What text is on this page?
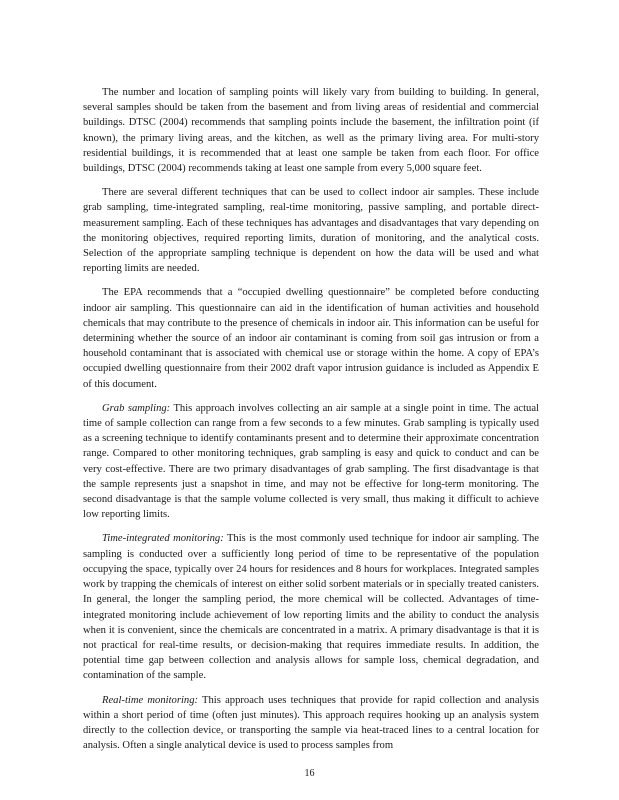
The number and location of sampling points will likely vary from building to building. In general, several samples should be taken from the basement and from living areas of residential and commercial buildings. DTSC (2004) recommends that sampling points include the basement, the infiltration point (if known), the primary living areas, and the kitchen, as well as the primary living area. For multi-story residential buildings, it is recommended that at least one sample be taken from each floor. For office buildings, DTSC (2004) recommends taking at least one sample from every 5,000 square feet.

There are several different techniques that can be used to collect indoor air samples. These include grab sampling, time-integrated sampling, real-time monitoring, passive sampling, and portable direct-measurement sampling. Each of these techniques has advantages and disadvantages that vary depending on the monitoring objectives, required reporting limits, duration of monitoring, and the analytical costs. Selection of the appropriate sampling technique is dependent on how the data will be used and what reporting limits are needed.

The EPA recommends that a “occupied dwelling questionnaire” be completed before conducting indoor air sampling. This questionnaire can aid in the identification of human activities and household chemicals that may contribute to the presence of chemicals in indoor air. This information can be useful for determining whether the source of an indoor air contaminant is coming from soil gas intrusion or from a household contaminant that is associated with chemical use or storage within the home. A copy of EPA’s occupied dwelling questionnaire from their 2002 draft vapor intrusion guidance is included as Appendix E of this document.

Grab sampling: This approach involves collecting an air sample at a single point in time. The actual time of sample collection can range from a few seconds to a few minutes. Grab sampling is typically used as a screening technique to identify contaminants present and to determine their approximate concentration range. Compared to other monitoring techniques, grab sampling is easy and quick to conduct and can be very cost-effective. There are two primary disadvantages of grab sampling. The first disadvantage is that the sample represents just a snapshot in time, and may not be effective for long-term monitoring. The second disadvantage is that the sample volume collected is very small, thus making it difficult to achieve low reporting limits.

Time-integrated monitoring: This is the most commonly used technique for indoor air sampling. The sampling is conducted over a sufficiently long period of time to be representative of the population occupying the space, typically over 24 hours for residences and 8 hours for workplaces. Integrated samples work by trapping the chemicals of interest on either solid sorbent materials or in specially treated canisters. In general, the longer the sampling period, the more chemical will be collected. Advantages of time-integrated monitoring include achievement of low reporting limits and the ability to conduct the analysis when it is convenient, since the chemicals are concentrated in a matrix. A primary disadvantage is that it is not practical for real-time results, or decision-making that requires immediate results. In addition, the potential time gap between collection and analysis allows for sample loss, chemical degradation, and contamination of the sample.

Real-time monitoring: This approach uses techniques that provide for rapid collection and analysis within a short period of time (often just minutes). This approach requires hooking up an analysis system directly to the collection device, or transporting the sample via heat-traced lines to a central location for analysis. Often a single analytical device is used to process samples from

16
